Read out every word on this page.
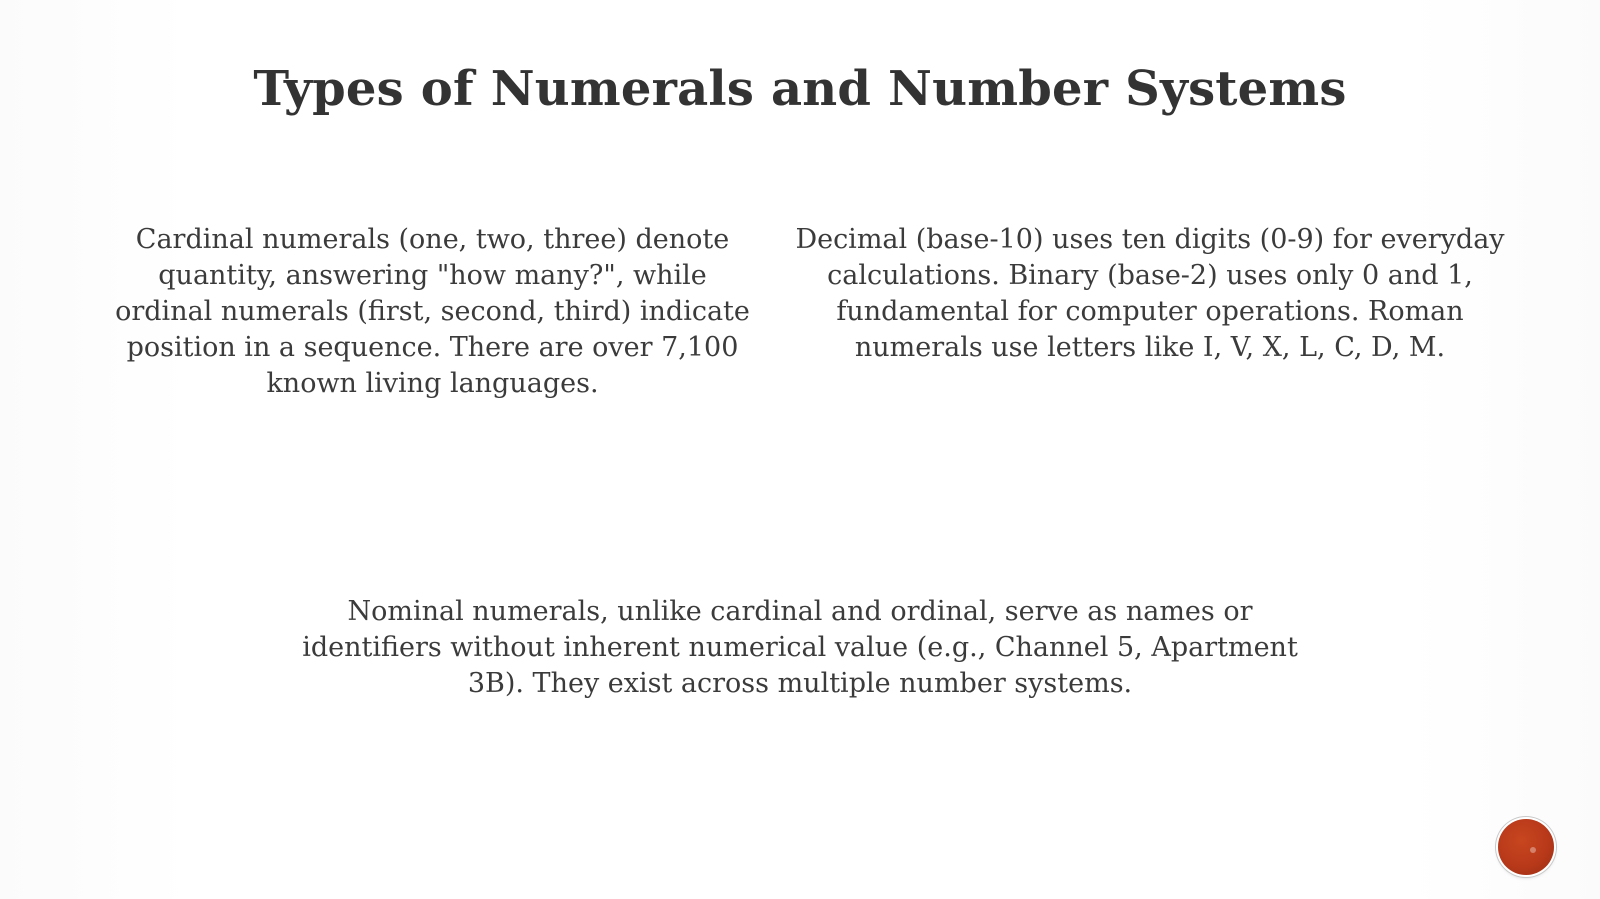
Types of Numerals and Number Systems

Cardinal numerals (one, two, three) denote quantity, answering "how many?", while ordinal numerals (first, second, third) indicate position in a sequence. There are over 7,100 known living languages.

Decimal (base-10) uses ten digits (0-9) for everyday calculations. Binary (base-2) uses only 0 and 1, fundamental for computer operations. Roman numerals use letters like I, V, X, L, C, D, M.

Nominal numerals, unlike cardinal and ordinal, serve as names or identifiers without inherent numerical value (e.g., Channel 5, Apartment 3B). They exist across multiple number systems.
